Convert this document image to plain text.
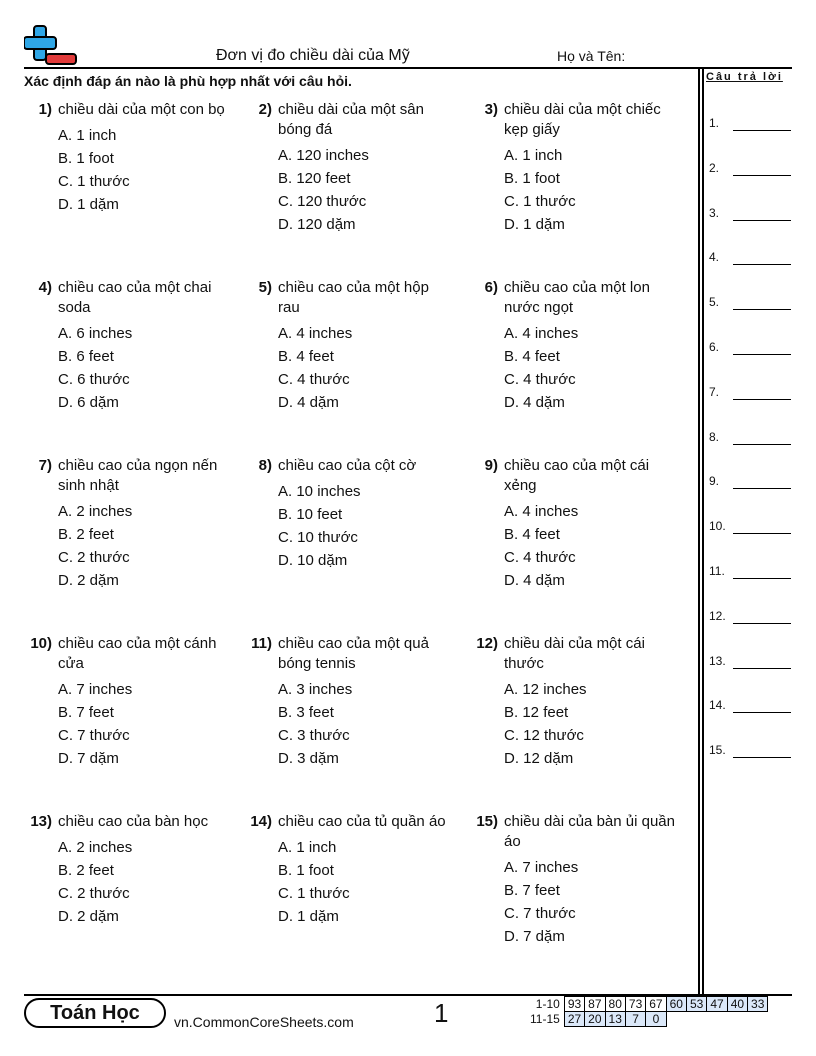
Đơn vị đo chiều dài của Mỹ	Họ và Tên:
Xác định đáp án nào là phù hợp nhất với câu hỏi.	Câu trả lời
1.
2.
3.
4.
5.
6.
7.
8.
9.
10.
11.
12.
13.
14.
15.
1) chiều dài của một con bọ
A. 1 inch
B. 1 foot
C. 1 thước
D. 1 dặm
2) chiều dài của một sân bóng đá
A. 120 inches
B. 120 feet
C. 120 thước
D. 120 dặm
3) chiều dài của một chiếc kẹp giấy
A. 1 inch
B. 1 foot
C. 1 thước
D. 1 dặm
4) chiều cao của một chai soda
A. 6 inches
B. 6 feet
C. 6 thước
D. 6 dặm
5) chiều cao của một hộp rau
A. 4 inches
B. 4 feet
C. 4 thước
D. 4 dặm
6) chiều cao của một lon nước ngọt
A. 4 inches
B. 4 feet
C. 4 thước
D. 4 dặm
7) chiều cao của ngọn nến sinh nhật
A. 2 inches
B. 2 feet
C. 2 thước
D. 2 dặm
8) chiều cao của cột cờ
A. 10 inches
B. 10 feet
C. 10 thước
D. 10 dặm
9) chiều cao của một cái xẻng
A. 4 inches
B. 4 feet
C. 4 thước
D. 4 dặm
10) chiều cao của một cánh cửa
A. 7 inches
B. 7 feet
C. 7 thước
D. 7 dặm
11) chiều cao của một quả bóng tennis
A. 3 inches
B. 3 feet
C. 3 thước
D. 3 dặm
12) chiều dài của một cái thước
A. 12 inches
B. 12 feet
C. 12 thước
D. 12 dặm
13) chiều cao của bàn học
A. 2 inches
B. 2 feet
C. 2 thước
D. 2 dặm
14) chiều cao của tủ quần áo
A. 1 inch
B. 1 foot
C. 1 thước
D. 1 dặm
15) chiều dài của bàn ủi quần áo
A. 7 inches
B. 7 feet
C. 7 thước
D. 7 dặm
Toán Học	vn.CommonCoreSheets.com	1	1-10	93	87	80	73	67	60	53	47	40	33
11-15	27	20	13	7	0					
